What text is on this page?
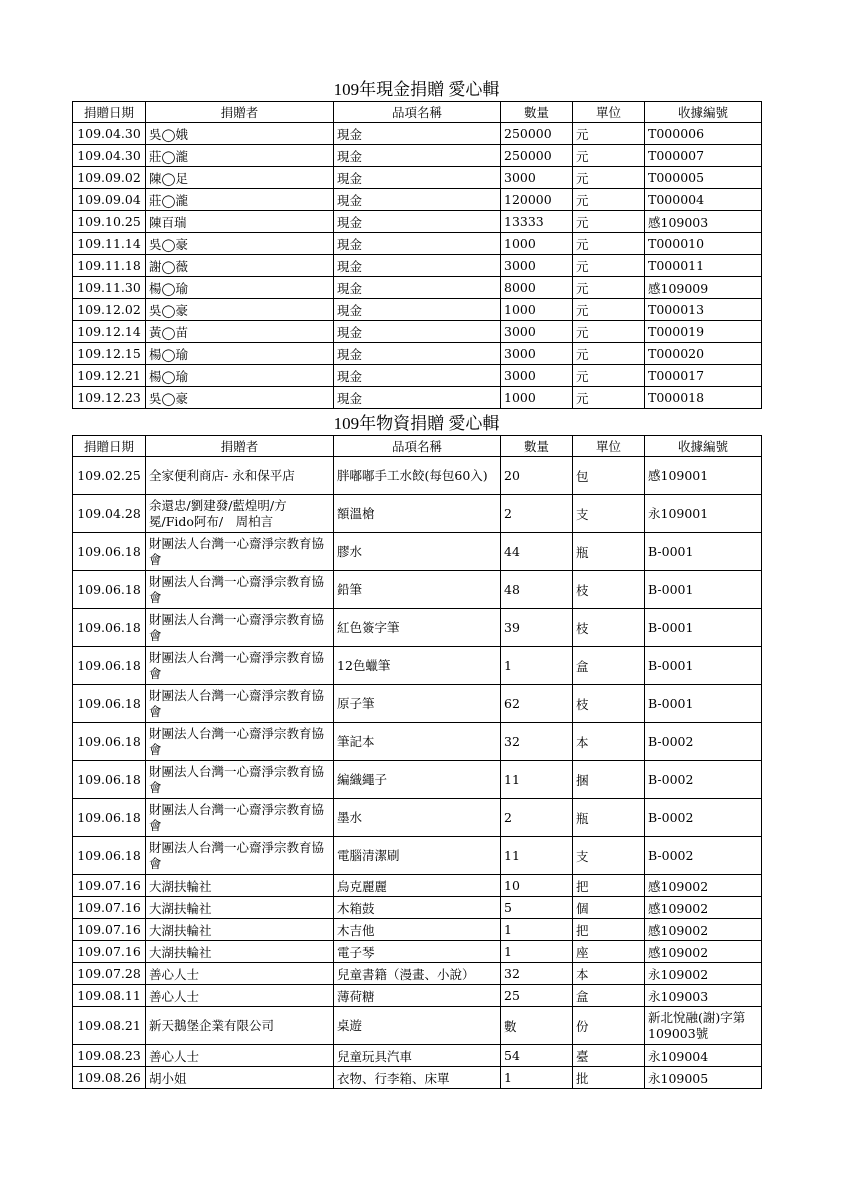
109年現金捐贈 愛心輯
捐贈日期	捐贈者	品項名稱	數量	單位	收據編號
109.04.30	吳◯娥	現金	250000	元	T000006
109.04.30	莊◯瀧	現金	250000	元	T000007
109.09.02	陳◯足	現金	3000	元	T000005
109.09.04	莊◯瀧	現金	120000	元	T000004
109.10.25	陳百瑞	現金	13333	元	感109003
109.11.14	吳◯豪	現金	1000	元	T000010
109.11.18	謝◯薇	現金	3000	元	T000011
109.11.30	楊◯瑜	現金	8000	元	感109009
109.12.02	吳◯豪	現金	1000	元	T000013
109.12.14	黃◯苗	現金	3000	元	T000019
109.12.15	楊◯瑜	現金	3000	元	T000020
109.12.21	楊◯瑜	現金	3000	元	T000017
109.12.23	吳◯豪	現金	1000	元	T000018
109年物資捐贈 愛心輯
捐贈日期	捐贈者	品項名稱	數量	單位	收據編號
109.02.25	全家便利商店- 永和保平店	胖嘟嘟手工水餃(每包60入)	20	包	感109001
109.04.28	余還忠/劉建發/藍煌明/方冕/Fido阿布/　周柏言	額溫槍	2	支	永109001
109.06.18	財團法人台灣一心齋淨宗教育協會	膠水	44	瓶	B-0001
109.06.18	財團法人台灣一心齋淨宗教育協會	鉛筆	48	枝	B-0001
109.06.18	財團法人台灣一心齋淨宗教育協會	紅色簽字筆	39	枝	B-0001
109.06.18	財團法人台灣一心齋淨宗教育協會	12色蠟筆	1	盒	B-0001
109.06.18	財團法人台灣一心齋淨宗教育協會	原子筆	62	枝	B-0001
109.06.18	財團法人台灣一心齋淨宗教育協會	筆記本	32	本	B-0002
109.06.18	財團法人台灣一心齋淨宗教育協會	編織繩子	11	捆	B-0002
109.06.18	財團法人台灣一心齋淨宗教育協會	墨水	2	瓶	B-0002
109.06.18	財團法人台灣一心齋淨宗教育協會	電腦清潔刷	11	支	B-0002
109.07.16	大湖扶輪社	烏克麗麗	10	把	感109002
109.07.16	大湖扶輪社	木箱鼓	5	個	感109002
109.07.16	大湖扶輪社	木吉他	1	把	感109002
109.07.16	大湖扶輪社	電子琴	1	座	感109002
109.07.28	善心人士	兒童書籍（漫畫、小說）	32	本	永109002
109.08.11	善心人士	薄荷糖	25	盒	永109003
109.08.21	新天鵝堡企業有限公司	桌遊	數	份	新北悅融(謝)字第109003號
109.08.23	善心人士	兒童玩具汽車	54	臺	永109004
109.08.26	胡小姐	衣物、行李箱、床單	1	批	永109005
